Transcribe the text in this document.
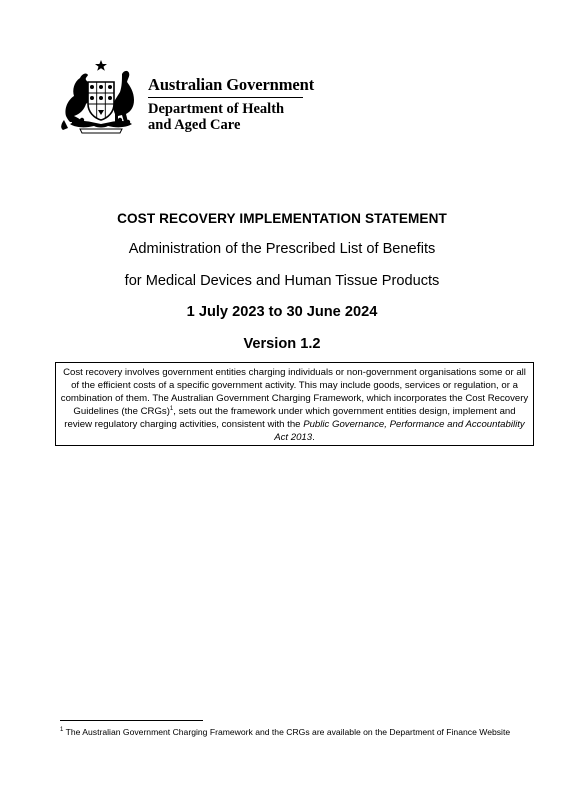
Australian Government
Department of Health
and Aged Care
COST RECOVERY IMPLEMENTATION STATEMENT
Administration of the Prescribed List of Benefits
for Medical Devices and Human Tissue Products
1 July 2023 to 30 June 2024
Version 1.2
Cost recovery involves government entities charging individuals or non-government organisations some or all of the efficient costs of a specific government activity. This may include goods, services or regulation, or a combination of them. The Australian Government Charging Framework, which incorporates the Cost Recovery Guidelines (the CRGs)$^1$, sets out the framework under which government entities design, implement and review regulatory charging activities, consistent with the Public Governance, Performance and Accountability Act 2013.
$^1$ The Australian Government Charging Framework and the CRGs are available on the Department of Finance Website
